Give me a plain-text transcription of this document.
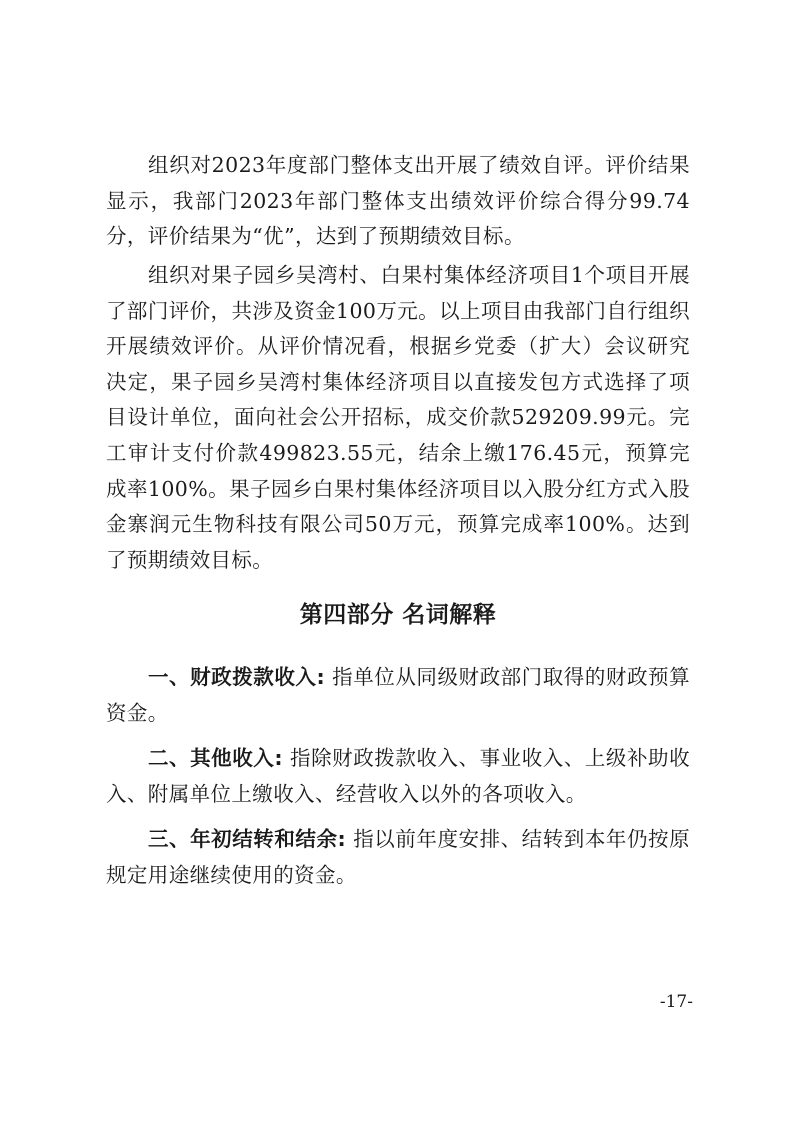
组织对2023年度部门整体支出开展了绩效自评。评价结果显示，我部门2023年部门整体支出绩效评价综合得分99.74分，评价结果为“优”，达到了预期绩效目标。

组织对果子园乡吴湾村、白果村集体经济项目1个项目开展了部门评价，共涉及资金100万元。以上项目由我部门自行组织开展绩效评价。从评价情况看，根据乡党委（扩大）会议研究决定，果子园乡吴湾村集体经济项目以直接发包方式选择了项目设计单位，面向社会公开招标，成交价款529209.99元。完工审计支付价款499823.55元，结余上缴176.45元，预算完成率100%。果子园乡白果村集体经济项目以入股分红方式入股金寨润元生物科技有限公司50万元，预算完成率100%。达到了预期绩效目标。

第四部分 名词解释

一、财政拨款收入: 指单位从同级财政部门取得的财政预算资金。

二、其他收入: 指除财政拨款收入、事业收入、上级补助收入、附属单位上缴收入、经营收入以外的各项收入。

三、年初结转和结余: 指以前年度安排、结转到本年仍按原规定用途继续使用的资金。

-17-
